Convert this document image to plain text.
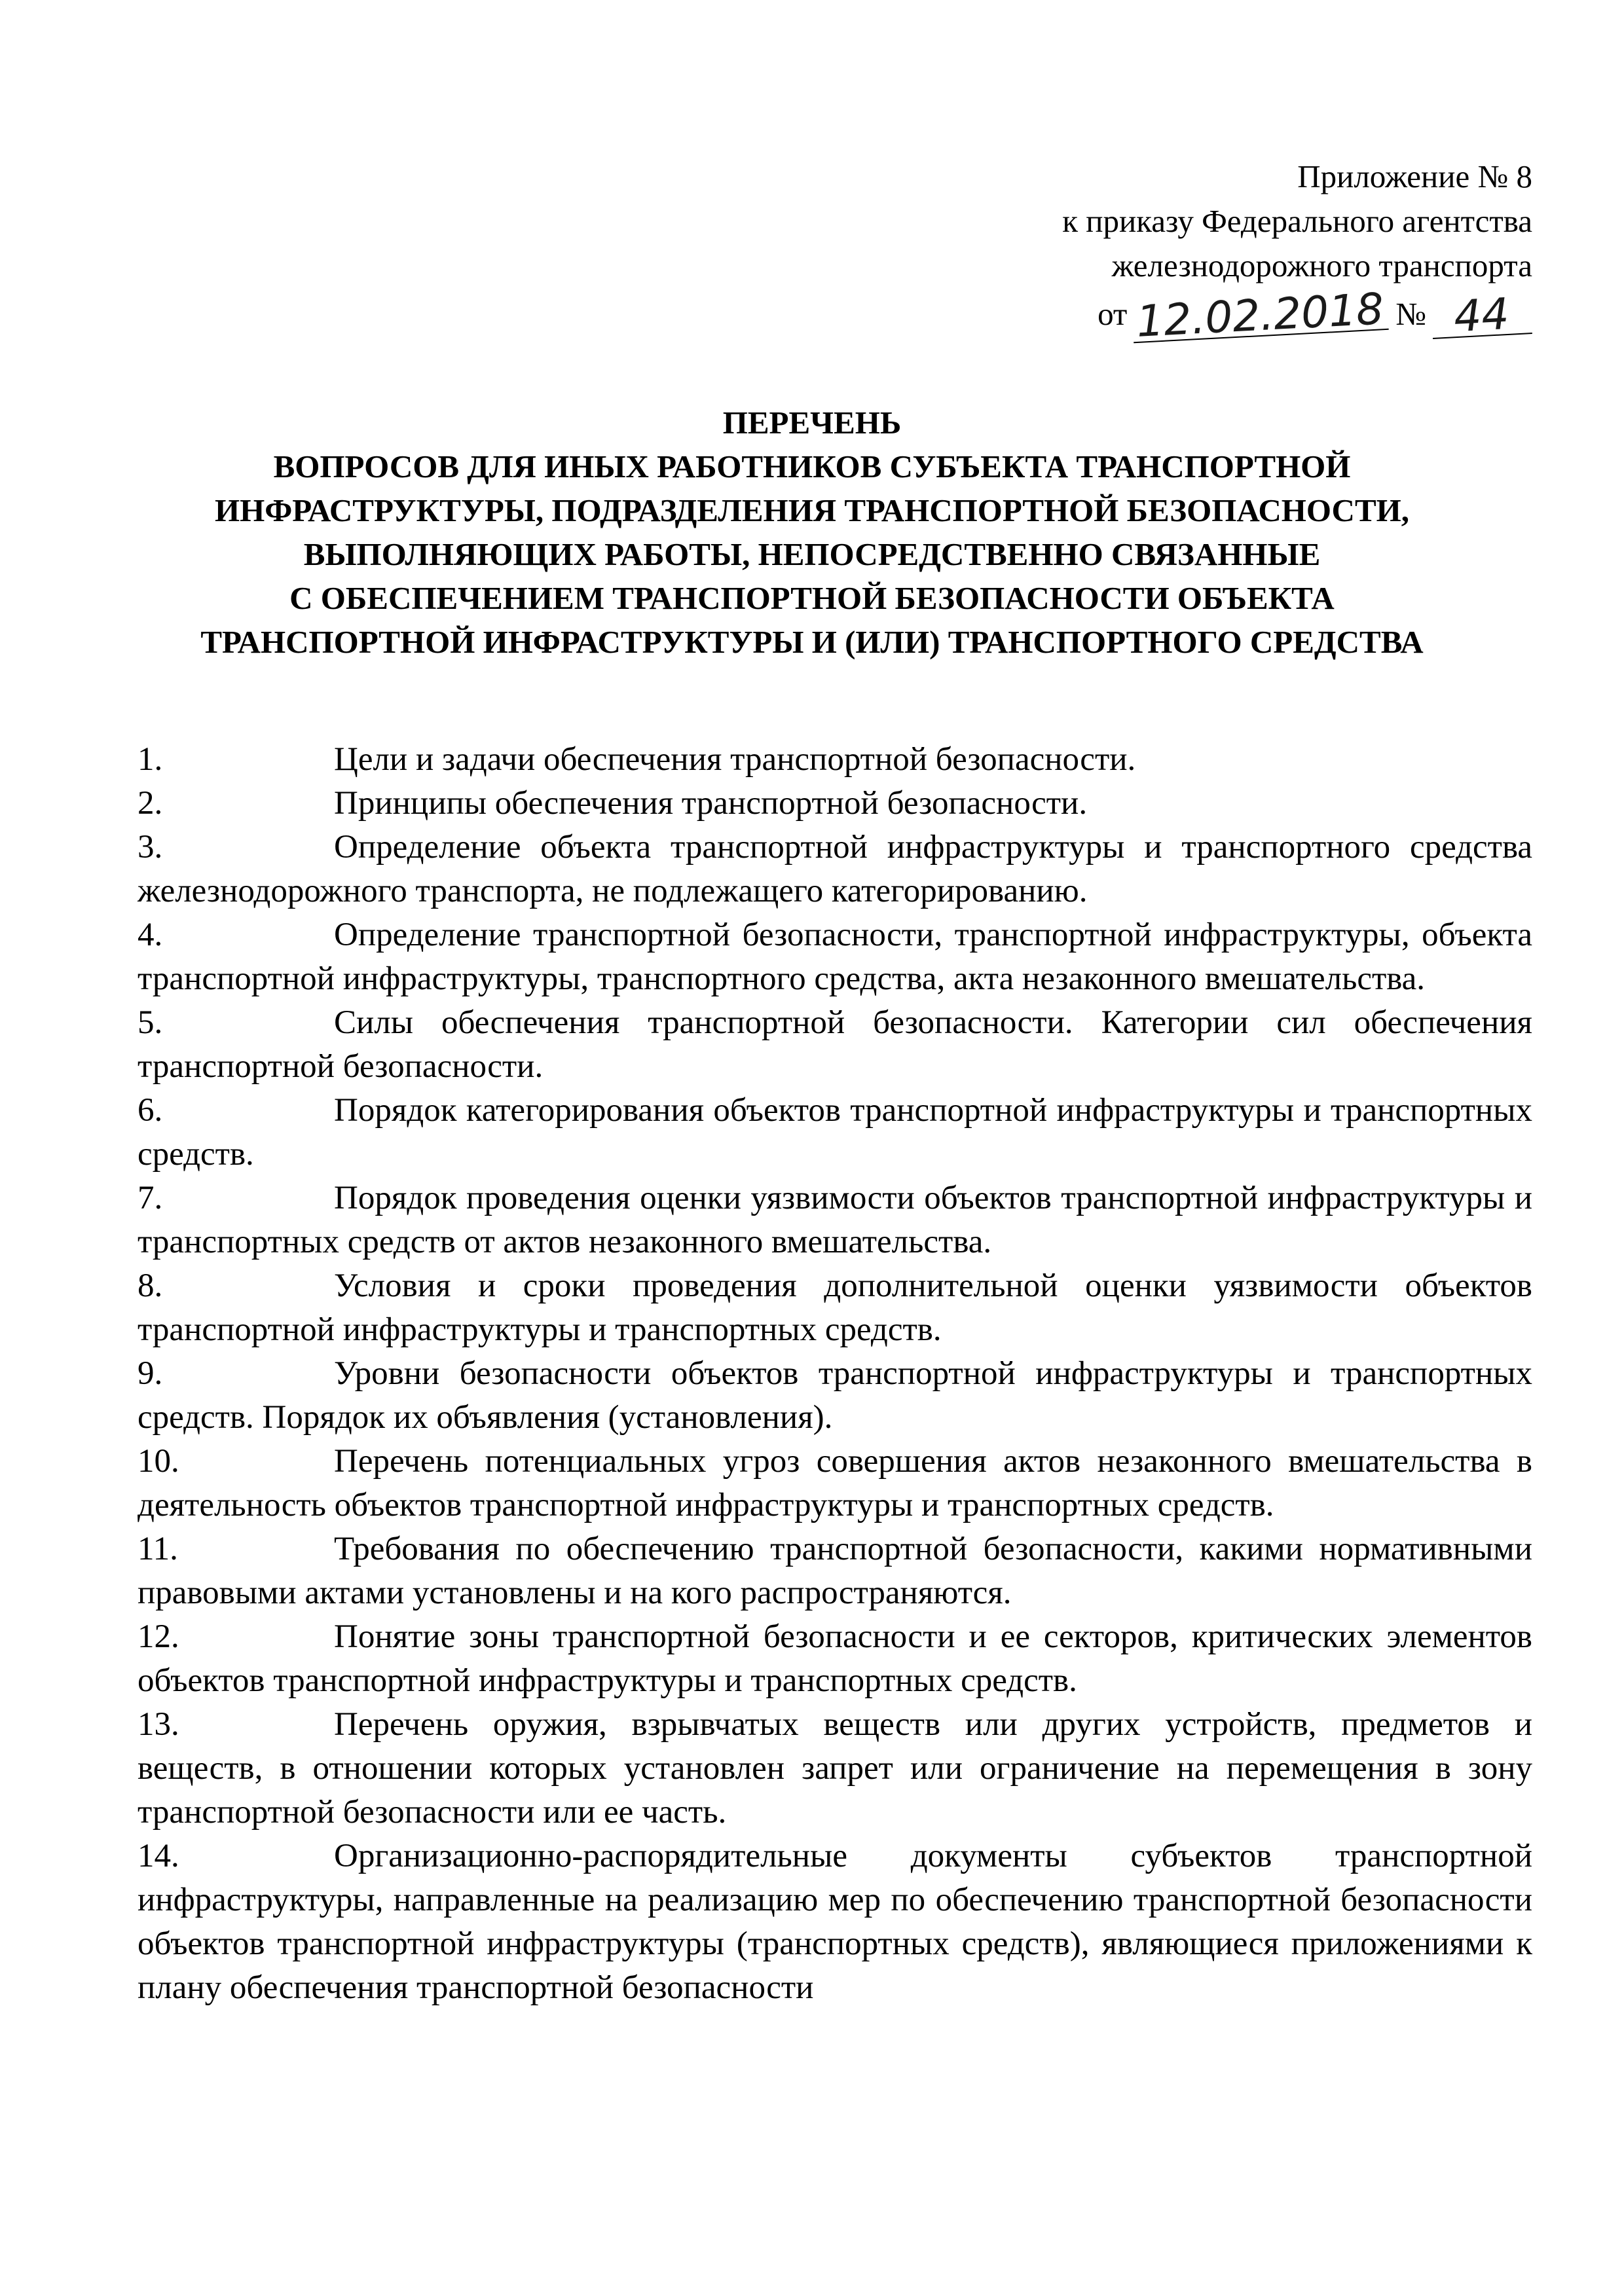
Приложение № 8
к приказу Федерального агентства
железнодорожного транспорта
от 12.02.2018 № 44
ПЕРЕЧЕНЬ
ВОПРОСОВ ДЛЯ ИНЫХ РАБОТНИКОВ СУБЪЕКТА ТРАНСПОРТНОЙ
ИНФРАСТРУКТУРЫ, ПОДРАЗДЕЛЕНИЯ ТРАНСПОРТНОЙ БЕЗОПАСНОСТИ,
ВЫПОЛНЯЮЩИХ РАБОТЫ, НЕПОСРЕДСТВЕННО СВЯЗАННЫЕ
С ОБЕСПЕЧЕНИЕМ ТРАНСПОРТНОЙ БЕЗОПАСНОСТИ ОБЪЕКТА
ТРАНСПОРТНОЙ ИНФРАСТРУКТУРЫ И (ИЛИ) ТРАНСПОРТНОГО СРЕДСТВА

1.	Цели и задачи обеспечения транспортной безопасности.

2.	Принципы обеспечения транспортной безопасности.

3.	Определение объекта транспортной инфраструктуры и транспортного средства железнодорожного транспорта, не подлежащего категорированию.

4.	Определение транспортной безопасности, транспортной инфраструктуры, объекта транспортной инфраструктуры, транспортного средства, акта незаконного вмешательства.

5.	Силы обеспечения транспортной безопасности. Категории сил обеспечения транспортной безопасности.

6.	Порядок категорирования объектов транспортной инфраструктуры и транспортных средств.

7.	Порядок проведения оценки уязвимости объектов транспортной инфраструктуры и транспортных средств от актов незаконного вмешательства.

8.	Условия и сроки проведения дополнительной оценки уязвимости объектов транспортной инфраструктуры и транспортных средств.

9.	Уровни безопасности объектов транспортной инфраструктуры и транспортных средств. Порядок их объявления (установления).

10.	Перечень потенциальных угроз совершения актов незаконного вмешательства в деятельность объектов транспортной инфраструктуры и транспортных средств.

11.	Требования по обеспечению транспортной безопасности, какими нормативными правовыми актами установлены и на кого распространяются.

12.	Понятие зоны транспортной безопасности и ее секторов, критических элементов объектов транспортной инфраструктуры и транспортных средств.

13.	Перечень оружия, взрывчатых веществ или других устройств, предметов и веществ, в отношении которых установлен запрет или ограничение на перемещения в зону транспортной безопасности или ее часть.

14.	Организационно-распорядительные документы субъектов транспортной инфраструктуры, направленные на реализацию мер по обеспечению транспортной безопасности объектов транспортной инфраструктуры (транспортных средств), являющиеся приложениями к плану обеспечения транспортной безопасности
